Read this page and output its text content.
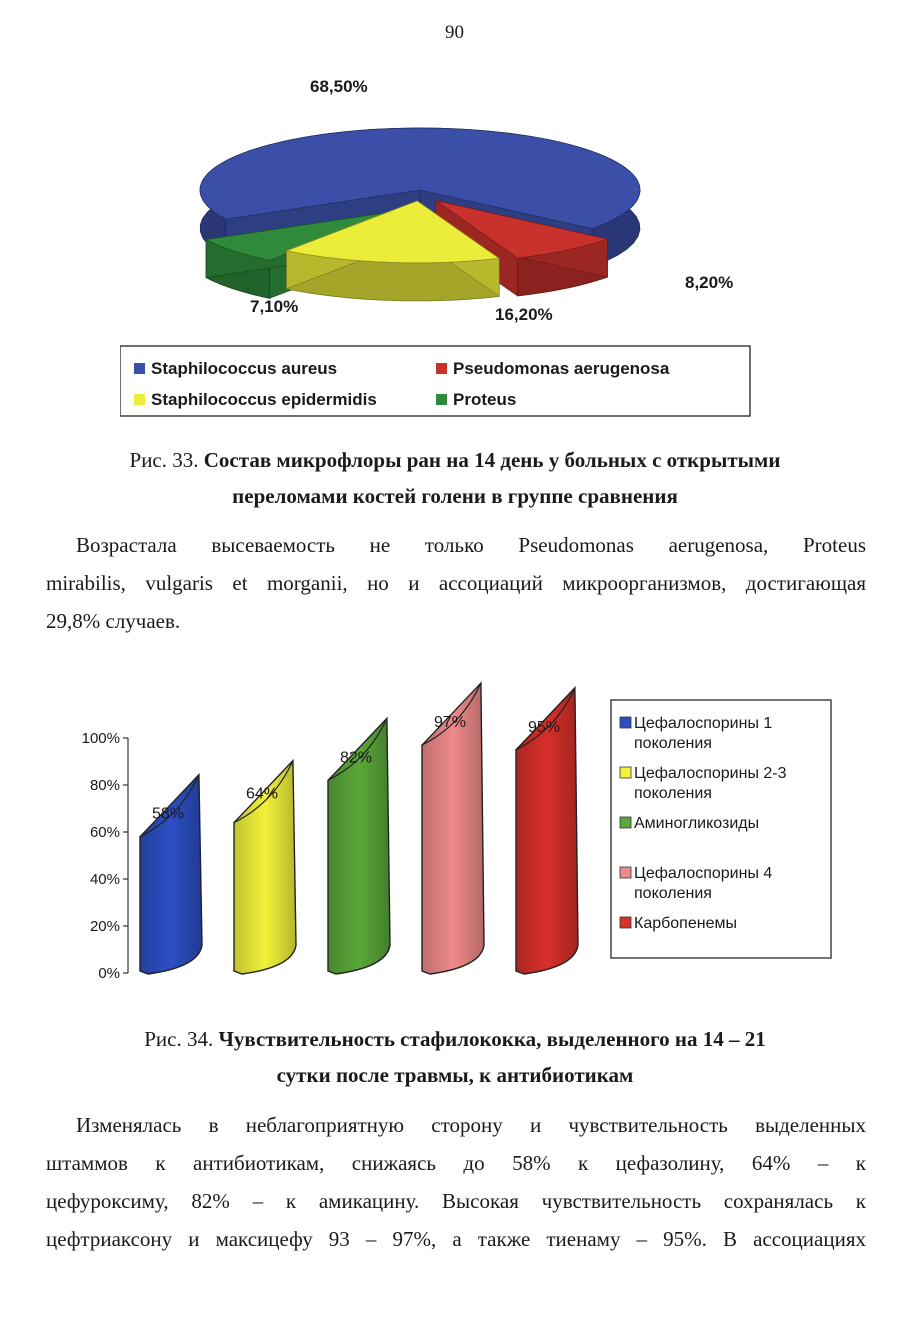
90
68,50%
8,20%
16,20%
7,10%
Staphilococcus aureus	Pseudomonas aerugenosa
Staphilococcus epidermidis	Proteus
Рис. 33. Состав микрофлоры ран на 14 день у больных с открытыми
переломами костей голени в группе сравнения
Возрастала высеваемость не только Pseudomonas aerugenosa, Proteus
mirabilis, vulgaris et morganii, но и ассоциаций микроорганизмов, достигающая
29,8% случаев.
0%
20%
40%
60%
80%
100%
58%
64%
82%
97%	95%	Цефалоспорины 1
поколения
Цефалоспорины 2-3
поколения
Аминогликозиды
Цефалоспорины 4
поколения
Карбопенемы
Рис. 34. Чувствительность стафилококка, выделенного на 14 – 21
сутки после травмы, к антибиотикам
Изменялась в неблагоприятную сторону и чувствительность выделенных
штаммов к антибиотикам, снижаясь до 58% к цефазолину, 64% – к
цефуроксиму, 82% – к амикацину. Высокая чувствительность сохранялась к
цефтриаксону и максицефу 93 – 97%, а также тиенаму – 95%. В ассоциациях
